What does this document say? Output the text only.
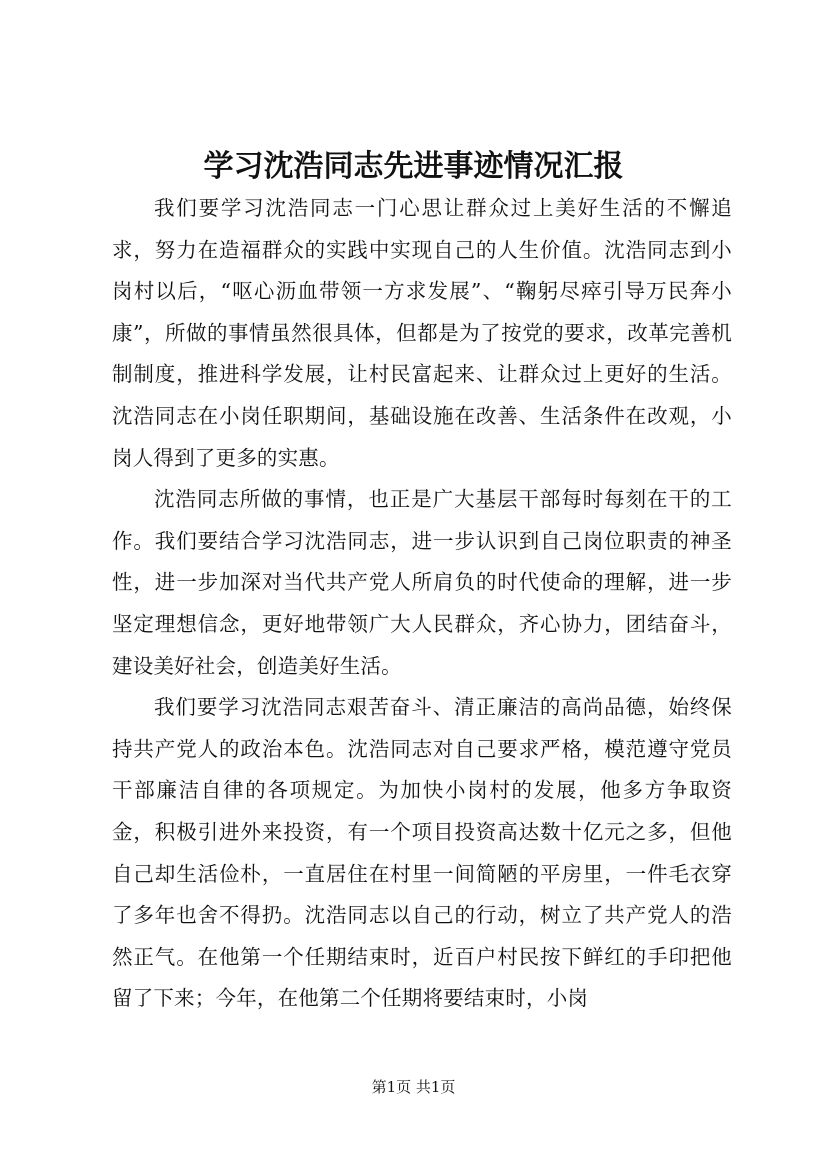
学习沈浩同志先进事迹情况汇报

我们要学习沈浩同志一门心思让群众过上美好生活的不懈追求，努力在造福群众的实践中实现自己的人生价值。沈浩同志到小岗村以后，“呕心沥血带领一方求发展”、“鞠躬尽瘁引导万民奔小康”，所做的事情虽然很具体，但都是为了按党的要求，改革完善机制制度，推进科学发展，让村民富起来、让群众过上更好的生活。沈浩同志在小岗任职期间，基础设施在改善、生活条件在改观，小岗人得到了更多的实惠。

沈浩同志所做的事情，也正是广大基层干部每时每刻在干的工作。我们要结合学习沈浩同志，进一步认识到自己岗位职责的神圣性，进一步加深对当代共产党人所肩负的时代使命的理解，进一步坚定理想信念，更好地带领广大人民群众，齐心协力，团结奋斗，建设美好社会，创造美好生活。

我们要学习沈浩同志艰苦奋斗、清正廉洁的高尚品德，始终保持共产党人的政治本色。沈浩同志对自己要求严格，模范遵守党员干部廉洁自律的各项规定。为加快小岗村的发展，他多方争取资金，积极引进外来投资，有一个项目投资高达数十亿元之多，但他自己却生活俭朴，一直居住在村里一间简陋的平房里，一件毛衣穿了多年也舍不得扔。沈浩同志以自己的行动，树立了共产党人的浩然正气。在他第一个任期结束时，近百户村民按下鲜红的手印把他留了下来；今年，在他第二个任期将要结束时，小岗

第1页 共1页
